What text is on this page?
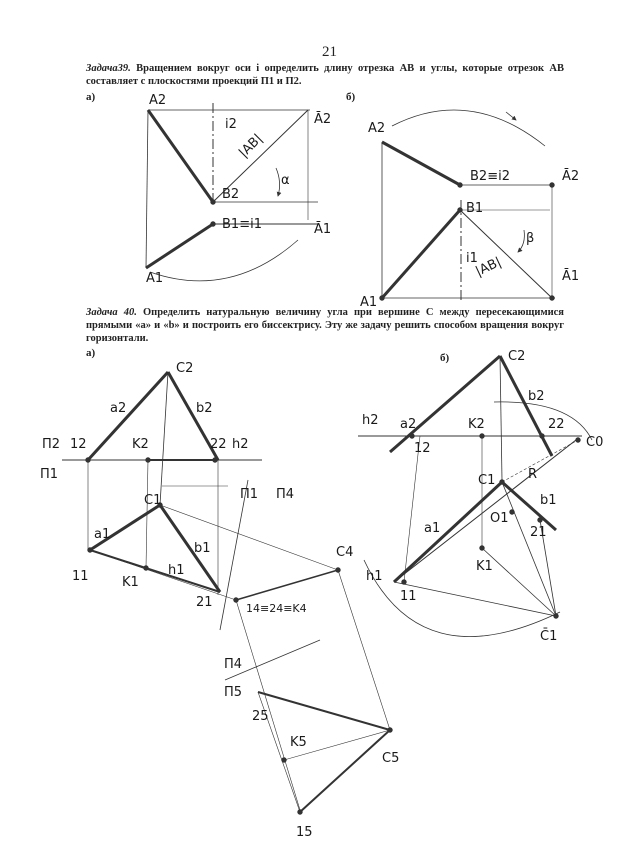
21
Задача39. Вращением вокруг оси i определить длину отрезка AB и углы, которые отрезок AB составляет с плоскостями проекций П1 и П2.
а)	б)
Задача 40. Определить натуральную величину угла при вершине С между пересекающимися прямыми «а» и «b» и построить его биссектрису. Эту же задачу решить способом вращения вокруг горизонтали.
а)	б)
A2
i2	Ā2
|AB|
α
B2
B1≡i1	Ā1
A1
A2
B2≡i2	Ā2
B1
β
i1
|AB|	Ā1
A1
C2
a2	b2
П2 12	K2	22 h2
П1
C1	П1 П4
a1
b1	C4
11	K1
h1
21	14≡24≡K4
П4
П5
25
K5
C5
15
C2
h2 a2	K2
b2
22
12	C0
C1	R
b1
O1
21
a1
K1
h1
11
C̄1
